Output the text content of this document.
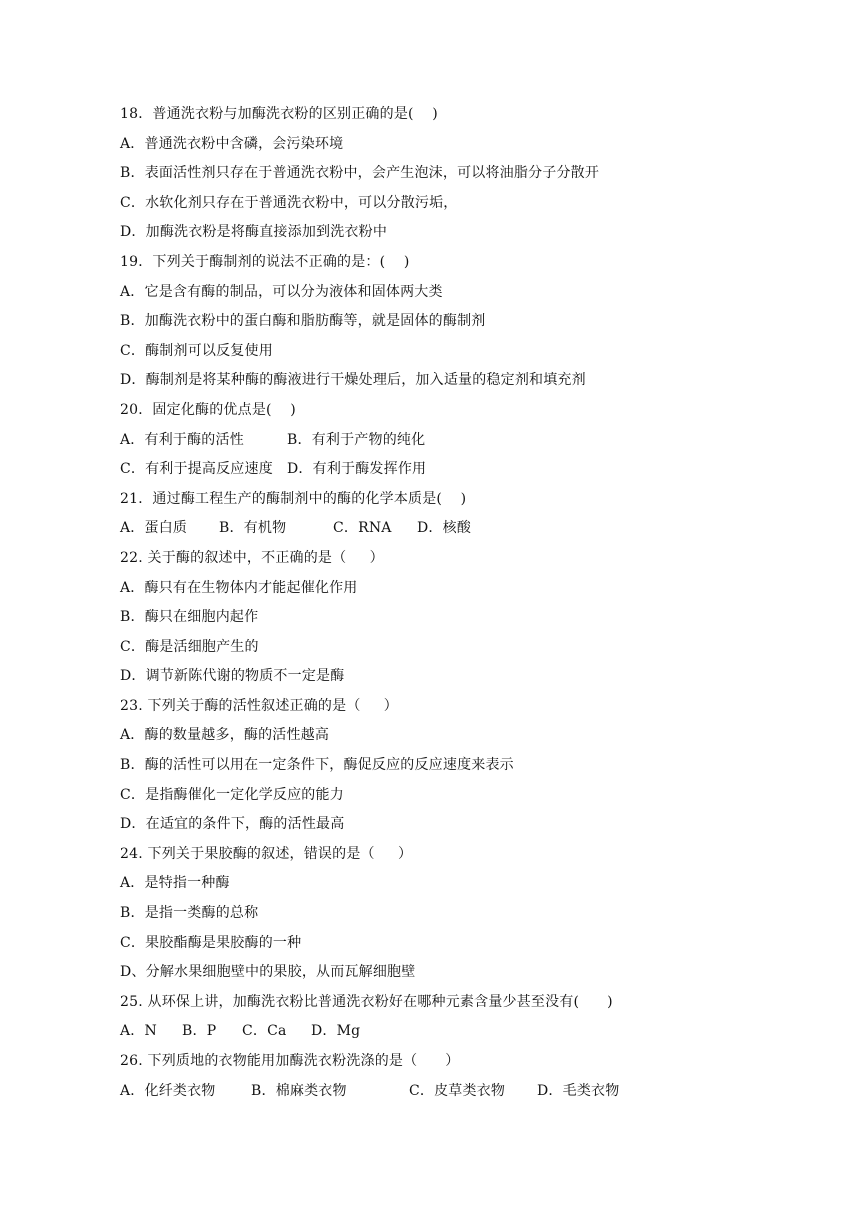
18．普通洗衣粉与加酶洗衣粉的区别正确的是(    )
A．普通洗衣粉中含磷，会污染环境
B．表面活性剂只存在于普通洗衣粉中，会产生泡沫，可以将油脂分子分散开
C．水软化剂只存在于普通洗衣粉中，可以分散污垢，
D．加酶洗衣粉是将酶直接添加到洗衣粉中
19．下列关于酶制剂的说法不正确的是：(    )
A．它是含有酶的制品，可以分为液体和固体两大类
B．加酶洗衣粉中的蛋白酶和脂肪酶等，就是固体的酶制剂
C．酶制剂可以反复使用
D．酶制剂是将某种酶的酶液进行干燥处理后，加入适量的稳定剂和填充剂
20．固定化酶的优点是(    )
A．有利于酶的活性	B．有利于产物的纯化
C．有利于提高反应速度	D．有利于酶发挥作用
21．通过酶工程生产的酶制剂中的酶的化学本质是(    )
A．蛋白质	B．有机物	C．RNA	D．核酸
22. 关于酶的叙述中，不正确的是（     ）
A．酶只有在生物体内才能起催化作用
B．酶只在细胞内起作
C．酶是活细胞产生的
D．调节新陈代谢的物质不一定是酶
23. 下列关于酶的活性叙述正确的是（     ）
A．酶的数量越多，酶的活性越高
B．酶的活性可以用在一定条件下，酶促反应的反应速度来表示
C．是指酶催化一定化学反应的能力
D．在适宜的条件下，酶的活性最高
24. 下列关于果胶酶的叙述，错误的是（     ）
A．是特指一种酶
B．是指一类酶的总称
C．果胶酯酶是果胶酶的一种
D、分解水果细胞壁中的果胶，从而瓦解细胞壁
25. 从环保上讲，加酶洗衣粉比普通洗衣粉好在哪种元素含量少甚至没有(      )
A．N	B．P	C．Ca	D．Mg
26. 下列质地的衣物能用加酶洗衣粉洗涤的是（      ）
A．化纤类衣物	B．棉麻类衣物	C．皮草类衣物	D．毛类衣物
